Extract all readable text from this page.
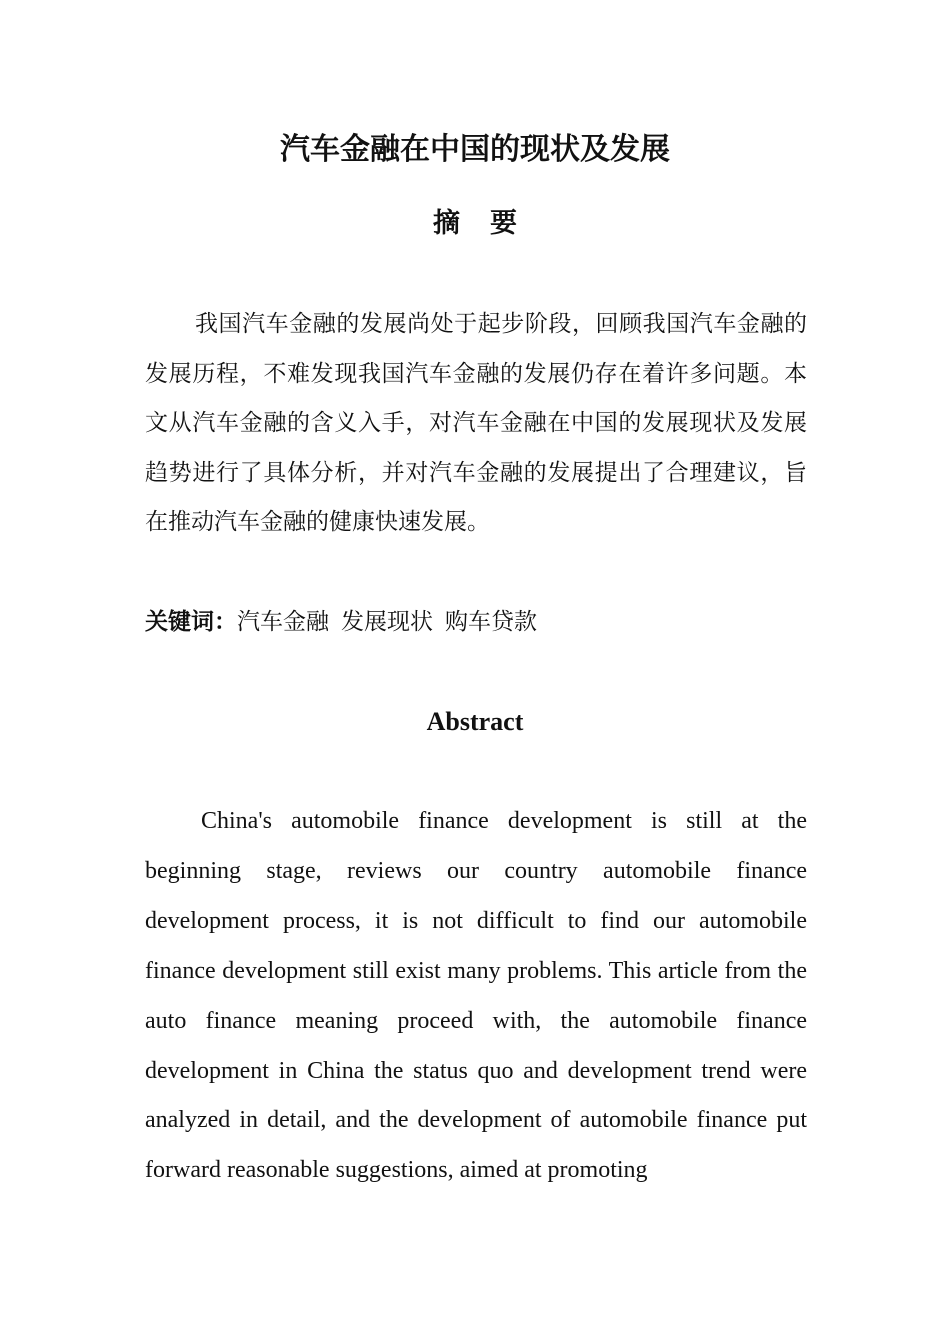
汽车金融在中国的现状及发展
摘要
我国汽车金融的发展尚处于起步阶段，回顾我国汽车金融的发展历程，不难发现我国汽车金融的发展仍存在着许多问题。本文从汽车金融的含义入手，对汽车金融在中国的发展现状及发展趋势进行了具体分析，并对汽车金融的发展提出了合理建议，旨在推动汽车金融的健康快速发展。
关键词：汽车金融 发展现状 购车贷款
Abstract
China's automobile finance development is still at the beginning stage, reviews our country automobile finance development process, it is not difficult to find our automobile finance development still exist many problems. This article from the auto finance meaning proceed with, the automobile finance development in China the status quo and development trend were analyzed in detail, and the development of automobile finance put forward reasonable suggestions, aimed at promoting
